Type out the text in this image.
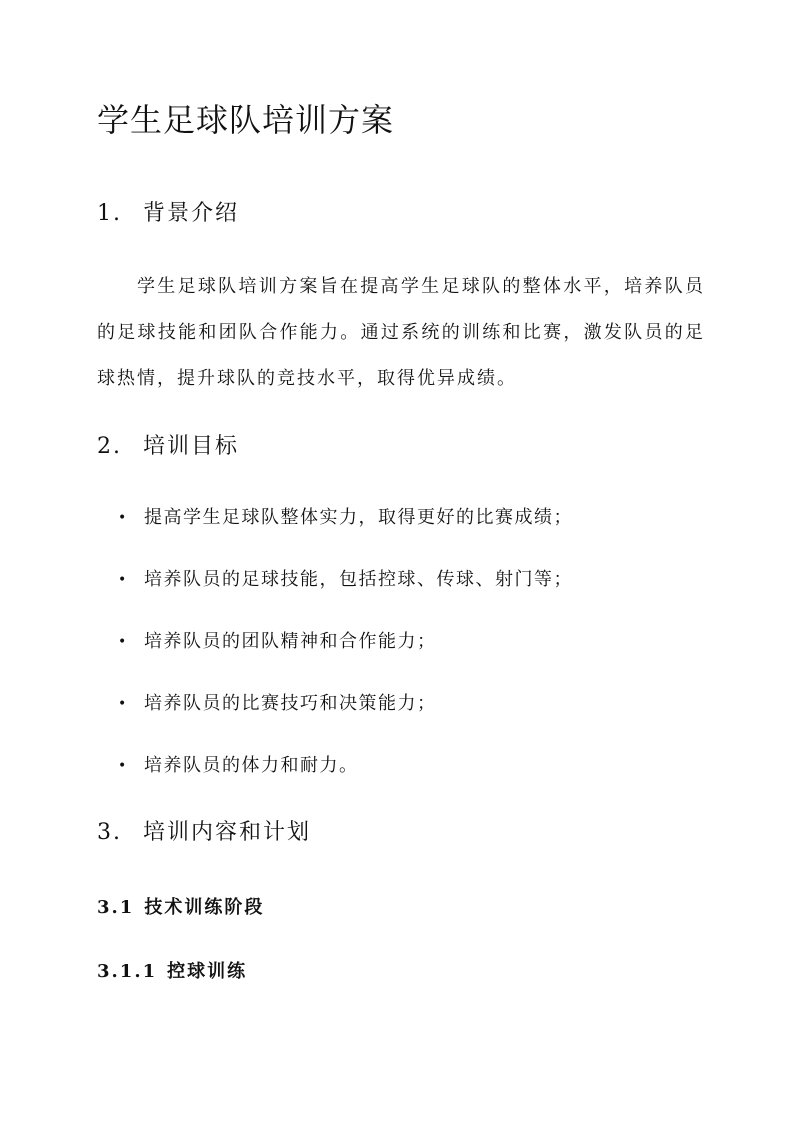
学生足球队培训方案
1. 背景介绍

学生足球队培训方案旨在提高学生足球队的整体水平，培养队员的足球技能和团队合作能力。通过系统的训练和比赛，激发队员的足球热情，提升球队的竞技水平，取得优异成绩。

2. 培训目标
• 提高学生足球队整体实力，取得更好的比赛成绩；
• 培养队员的足球技能，包括控球、传球、射门等；
• 培养队员的团队精神和合作能力；
• 培养队员的比赛技巧和决策能力；
• 培养队员的体力和耐力。
3. 培训内容和计划
3.1 技术训练阶段
3.1.1 控球训练
